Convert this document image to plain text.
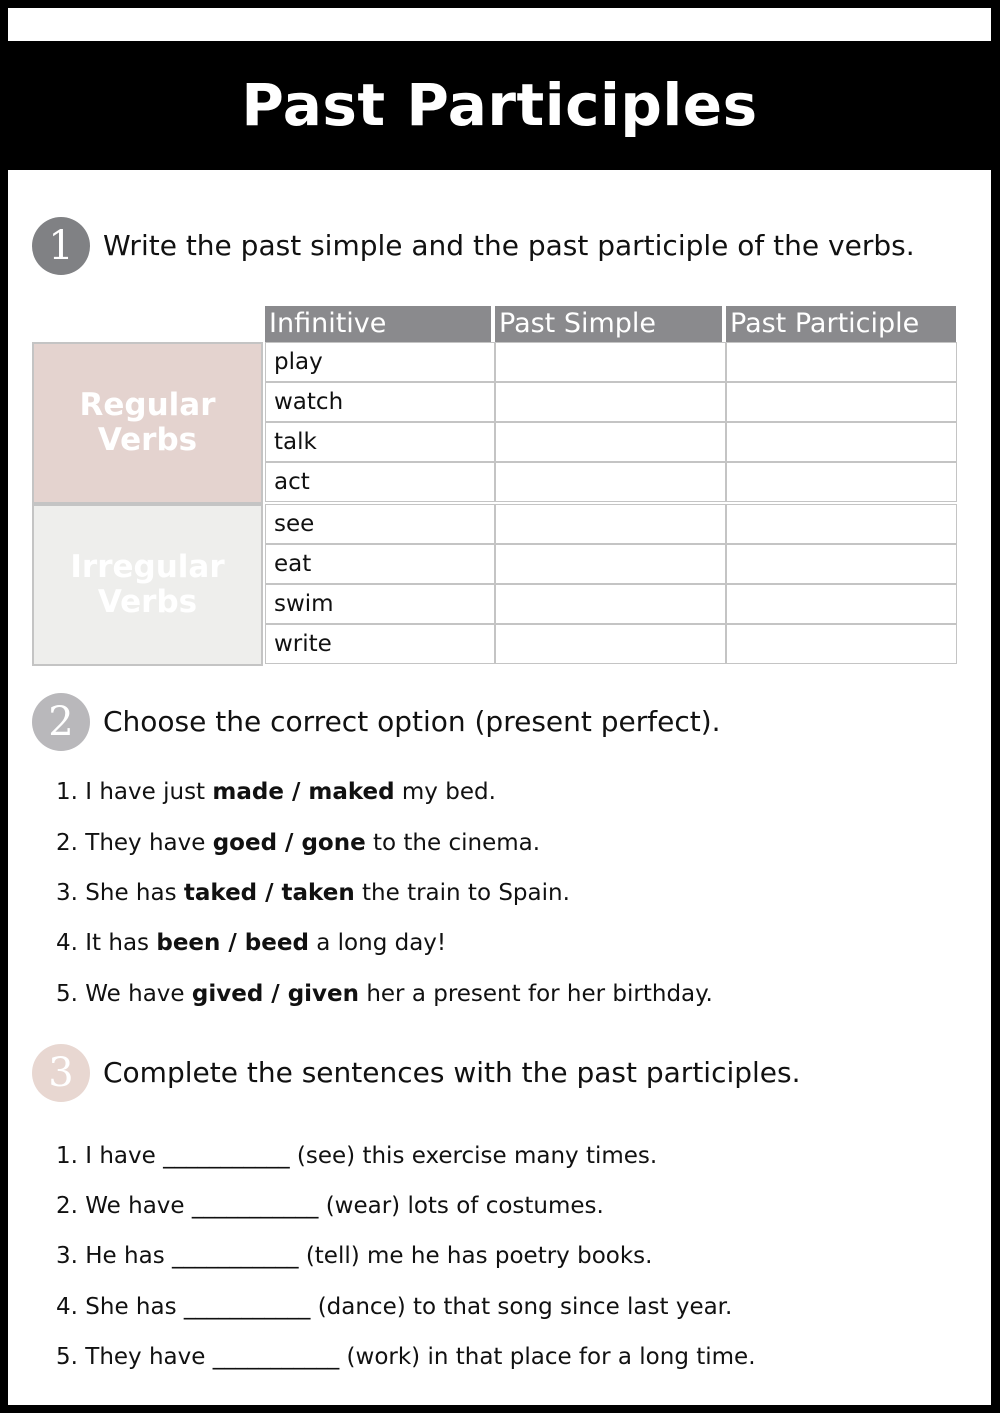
Past Participles
1	Write the past simple and the past participle of the verbs.
Infinitive	Past Simple	Past Participle
Regular
Verbs
play
watch
talk
act
Irregular
Verbs
see
eat
swim
write
2	Choose the correct option (present perfect).
1. I have just made / maked my bed.
2. They have goed / gone to the cinema.
3. She has taked / taken the train to Spain.
4. It has been / beed a long day!
5. We have gived / given her a present for her birthday.
3	Complete the sentences with the past participles.
1. I have ___________ (see) this exercise many times.
2. We have ___________ (wear) lots of costumes.
3. He has ___________ (tell) me he has poetry books.
4. She has ___________ (dance) to that song since last year.
5. They have ___________ (work) in that place for a long time.
